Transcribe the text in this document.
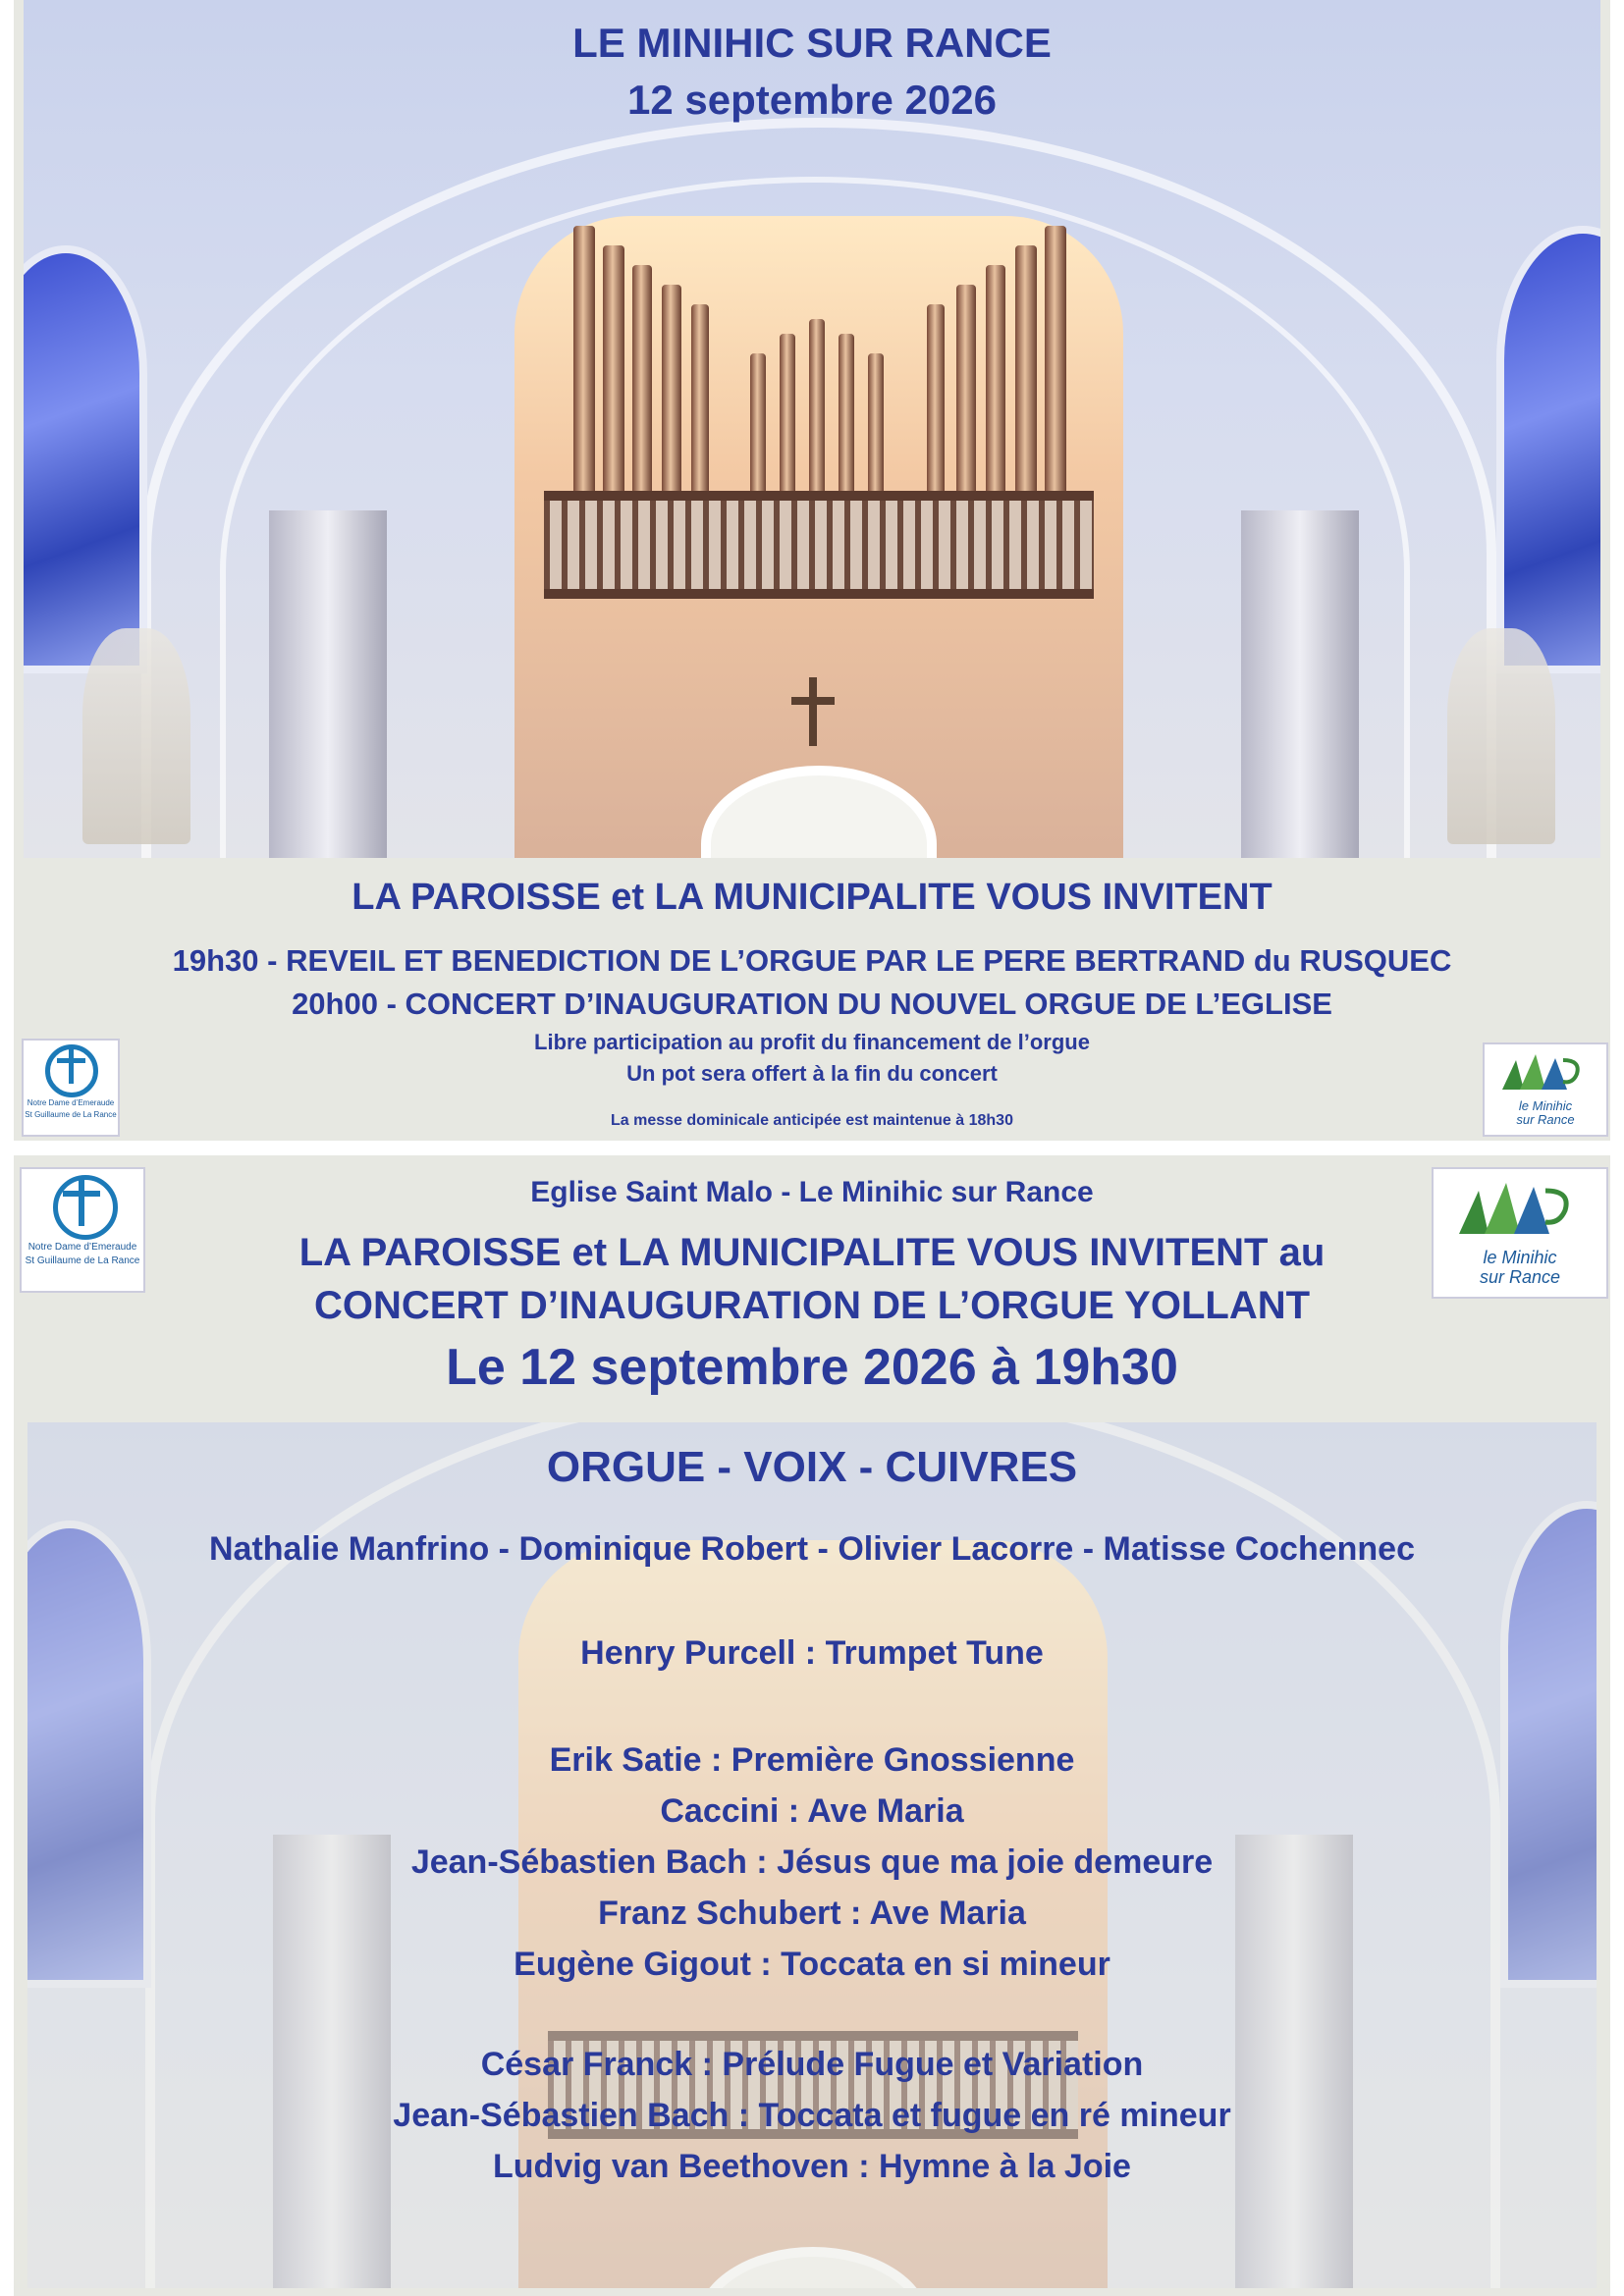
LE MINIHIC SUR RANCE
12 septembre 2026
LA PAROISSE et LA MUNICIPALITE VOUS INVITENT
19h30 - REVEIL ET BENEDICTION DE L’ORGUE PAR LE PERE BERTRAND du RUSQUEC
20h00 - CONCERT D’INAUGURATION DU NOUVEL ORGUE DE L’EGLISE
Libre participation au profit du financement de l’orgue
Un pot sera offert à la fin du concert
La messe dominicale anticipée est maintenue à 18h30
Notre Dame d’Emeraude
St Guillaume de La Rance
le Minihic
sur Rance
Notre Dame d’Emeraude
St Guillaume de La Rance	le Minihic
sur Rance
Eglise Saint Malo - Le Minihic sur Rance
LA PAROISSE et LA MUNICIPALITE VOUS INVITENT au
CONCERT D’INAUGURATION DE L’ORGUE YOLLANT
Le 12 septembre 2026 à 19h30
ORGUE - VOIX - CUIVRES
Nathalie Manfrino - Dominique Robert - Olivier Lacorre - Matisse Cochennec
Henry Purcell : Trumpet Tune
Erik Satie : Première Gnossienne
Caccini : Ave Maria
Jean-Sébastien Bach : Jésus que ma joie demeure
Franz Schubert : Ave Maria
Eugène Gigout : Toccata en si mineur
César Franck : Prélude Fugue et Variation
Jean-Sébastien Bach : Toccata et fugue en ré mineur
Ludvig van Beethoven : Hymne à la Joie
